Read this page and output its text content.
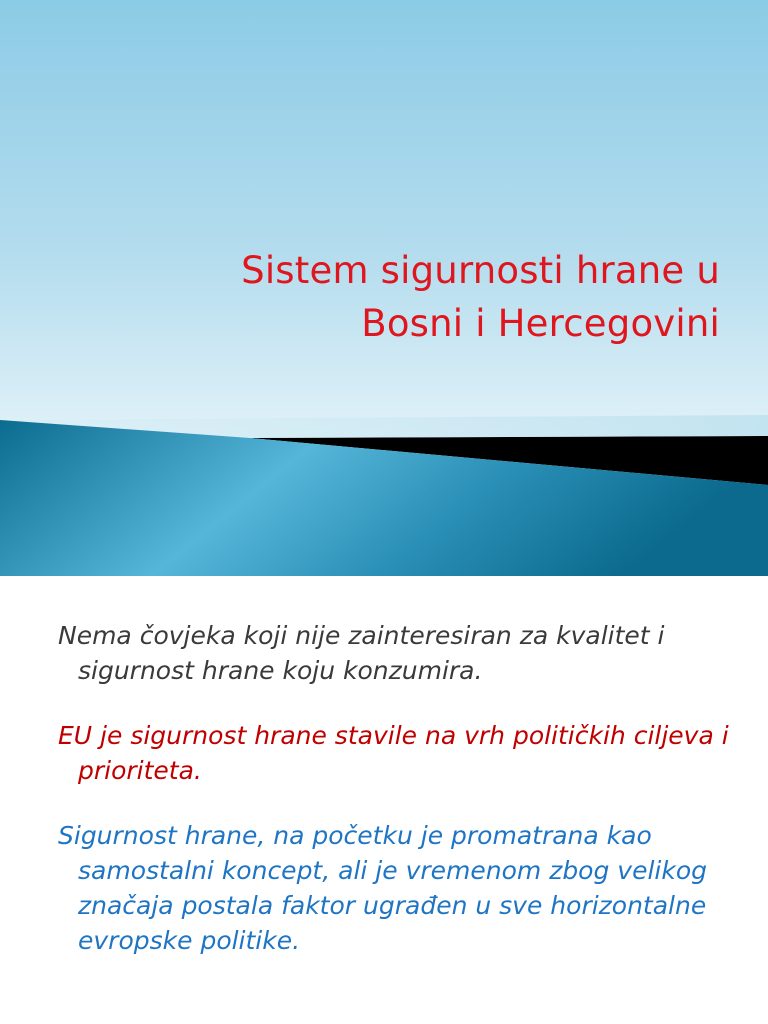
Sistem sigurnosti hrane u
Bosni i Hercegovini

Nema čovjeka koji nije zainteresiran za kvalitet i sigurnost hrane koju konzumira.

EU je sigurnost hrane stavile na vrh političkih ciljeva i prioriteta.

Sigurnost hrane, na početku je promatrana kao samostalni koncept, ali je vremenom zbog velikog značaja postala faktor ugrađen u sve horizontalne evropske politike.
